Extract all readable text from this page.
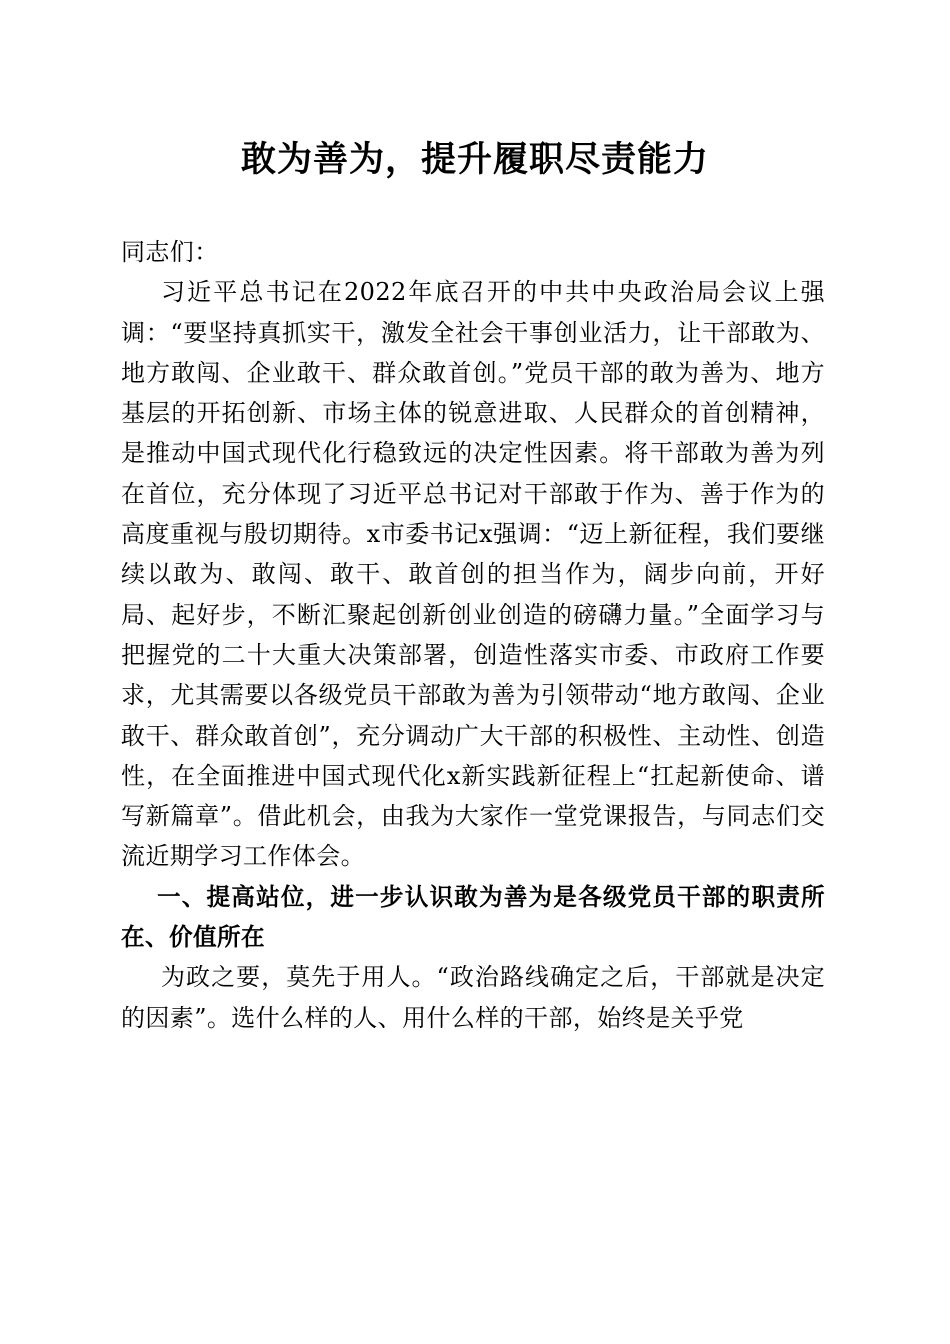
敢为善为，提升履职尽责能力

同志们：

习近平总书记在2022年底召开的中共中央政治局会议上强调：“要坚持真抓实干，激发全社会干事创业活力，让干部敢为、地方敢闯、企业敢干、群众敢首创。”党员干部的敢为善为、地方基层的开拓创新、市场主体的锐意进取、人民群众的首创精神，是推动中国式现代化行稳致远的决定性因素。将干部敢为善为列在首位，充分体现了习近平总书记对干部敢于作为、善于作为的高度重视与殷切期待。x市委书记x强调：“迈上新征程，我们要继续以敢为、敢闯、敢干、敢首创的担当作为，阔步向前，开好局、起好步，不断汇聚起创新创业创造的磅礴力量。”全面学习与把握党的二十大重大决策部署，创造性落实市委、市政府工作要求，尤其需要以各级党员干部敢为善为引领带动“地方敢闯、企业敢干、群众敢首创”，充分调动广大干部的积极性、主动性、创造性，在全面推进中国式现代化x新实践新征程上“扛起新使命、谱写新篇章”。借此机会，由我为大家作一堂党课报告，与同志们交流近期学习工作体会。

一、提高站位，进一步认识敢为善为是各级党员干部的职责所在、价值所在

为政之要，莫先于用人。“政治路线确定之后，干部就是决定的因素”。选什么样的人、用什么样的干部，始终是关乎党
